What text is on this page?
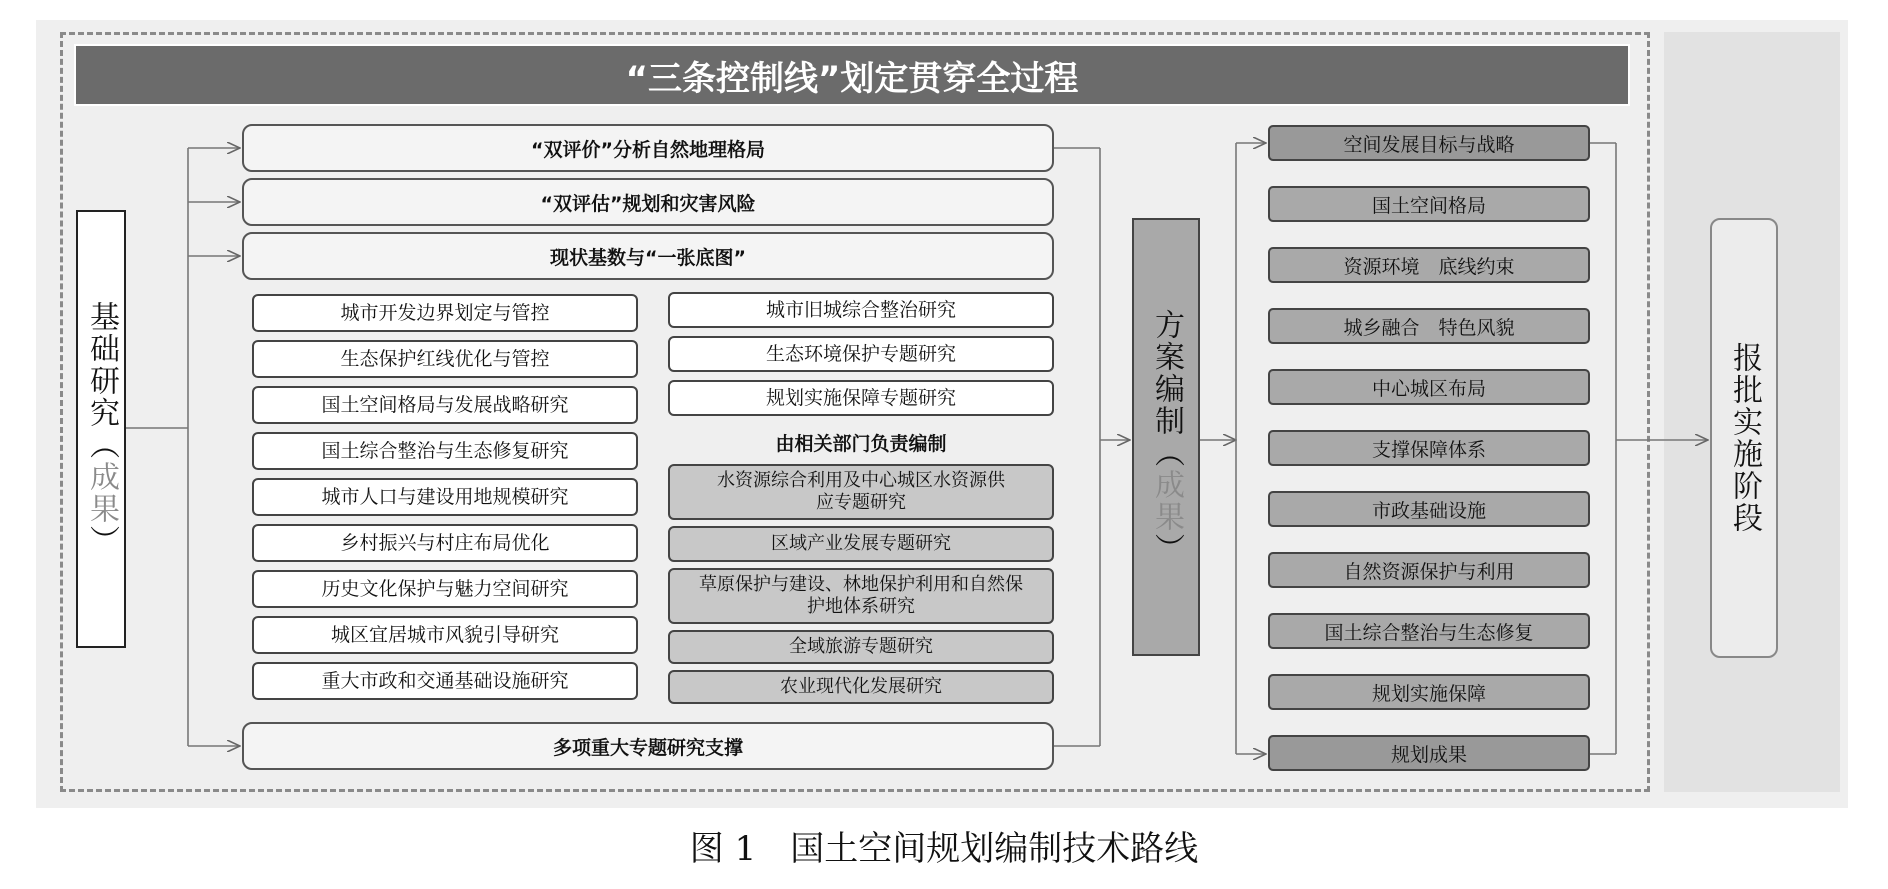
“三条控制线”划定贯穿全过程
基础研究
（
成果
）
方案编制
（
成果
）
报批实施阶段
“双评价”分析自然地理格局
“双评估”规划和灾害风险
现状基数与“一张底图”
多项重大专题研究支撑
城市开发边界划定与管控
生态保护红线优化与管控
国土空间格局与发展战略研究
国土综合整治与生态修复研究
城市人口与建设用地规模研究
乡村振兴与村庄布局优化
历史文化保护与魅力空间研究
城区宜居城市风貌引导研究
重大市政和交通基础设施研究
城市旧城综合整治研究
生态环境保护专题研究
规划实施保障专题研究
由相关部门负责编制
水资源综合利用及中心城区水资源供应专题研究
区域产业发展专题研究
草原保护与建设、林地保护利用和自然保护地体系研究
全域旅游专题研究
农业现代化发展研究
空间发展目标与战略
国土空间格局
资源环境　底线约束
城乡融合　特色风貌
中心城区布局
支撑保障体系
市政基础设施
自然资源保护与利用
国土综合整治与生态修复
规划实施保障
规划成果
图 1 国土空间规划编制技术路线
